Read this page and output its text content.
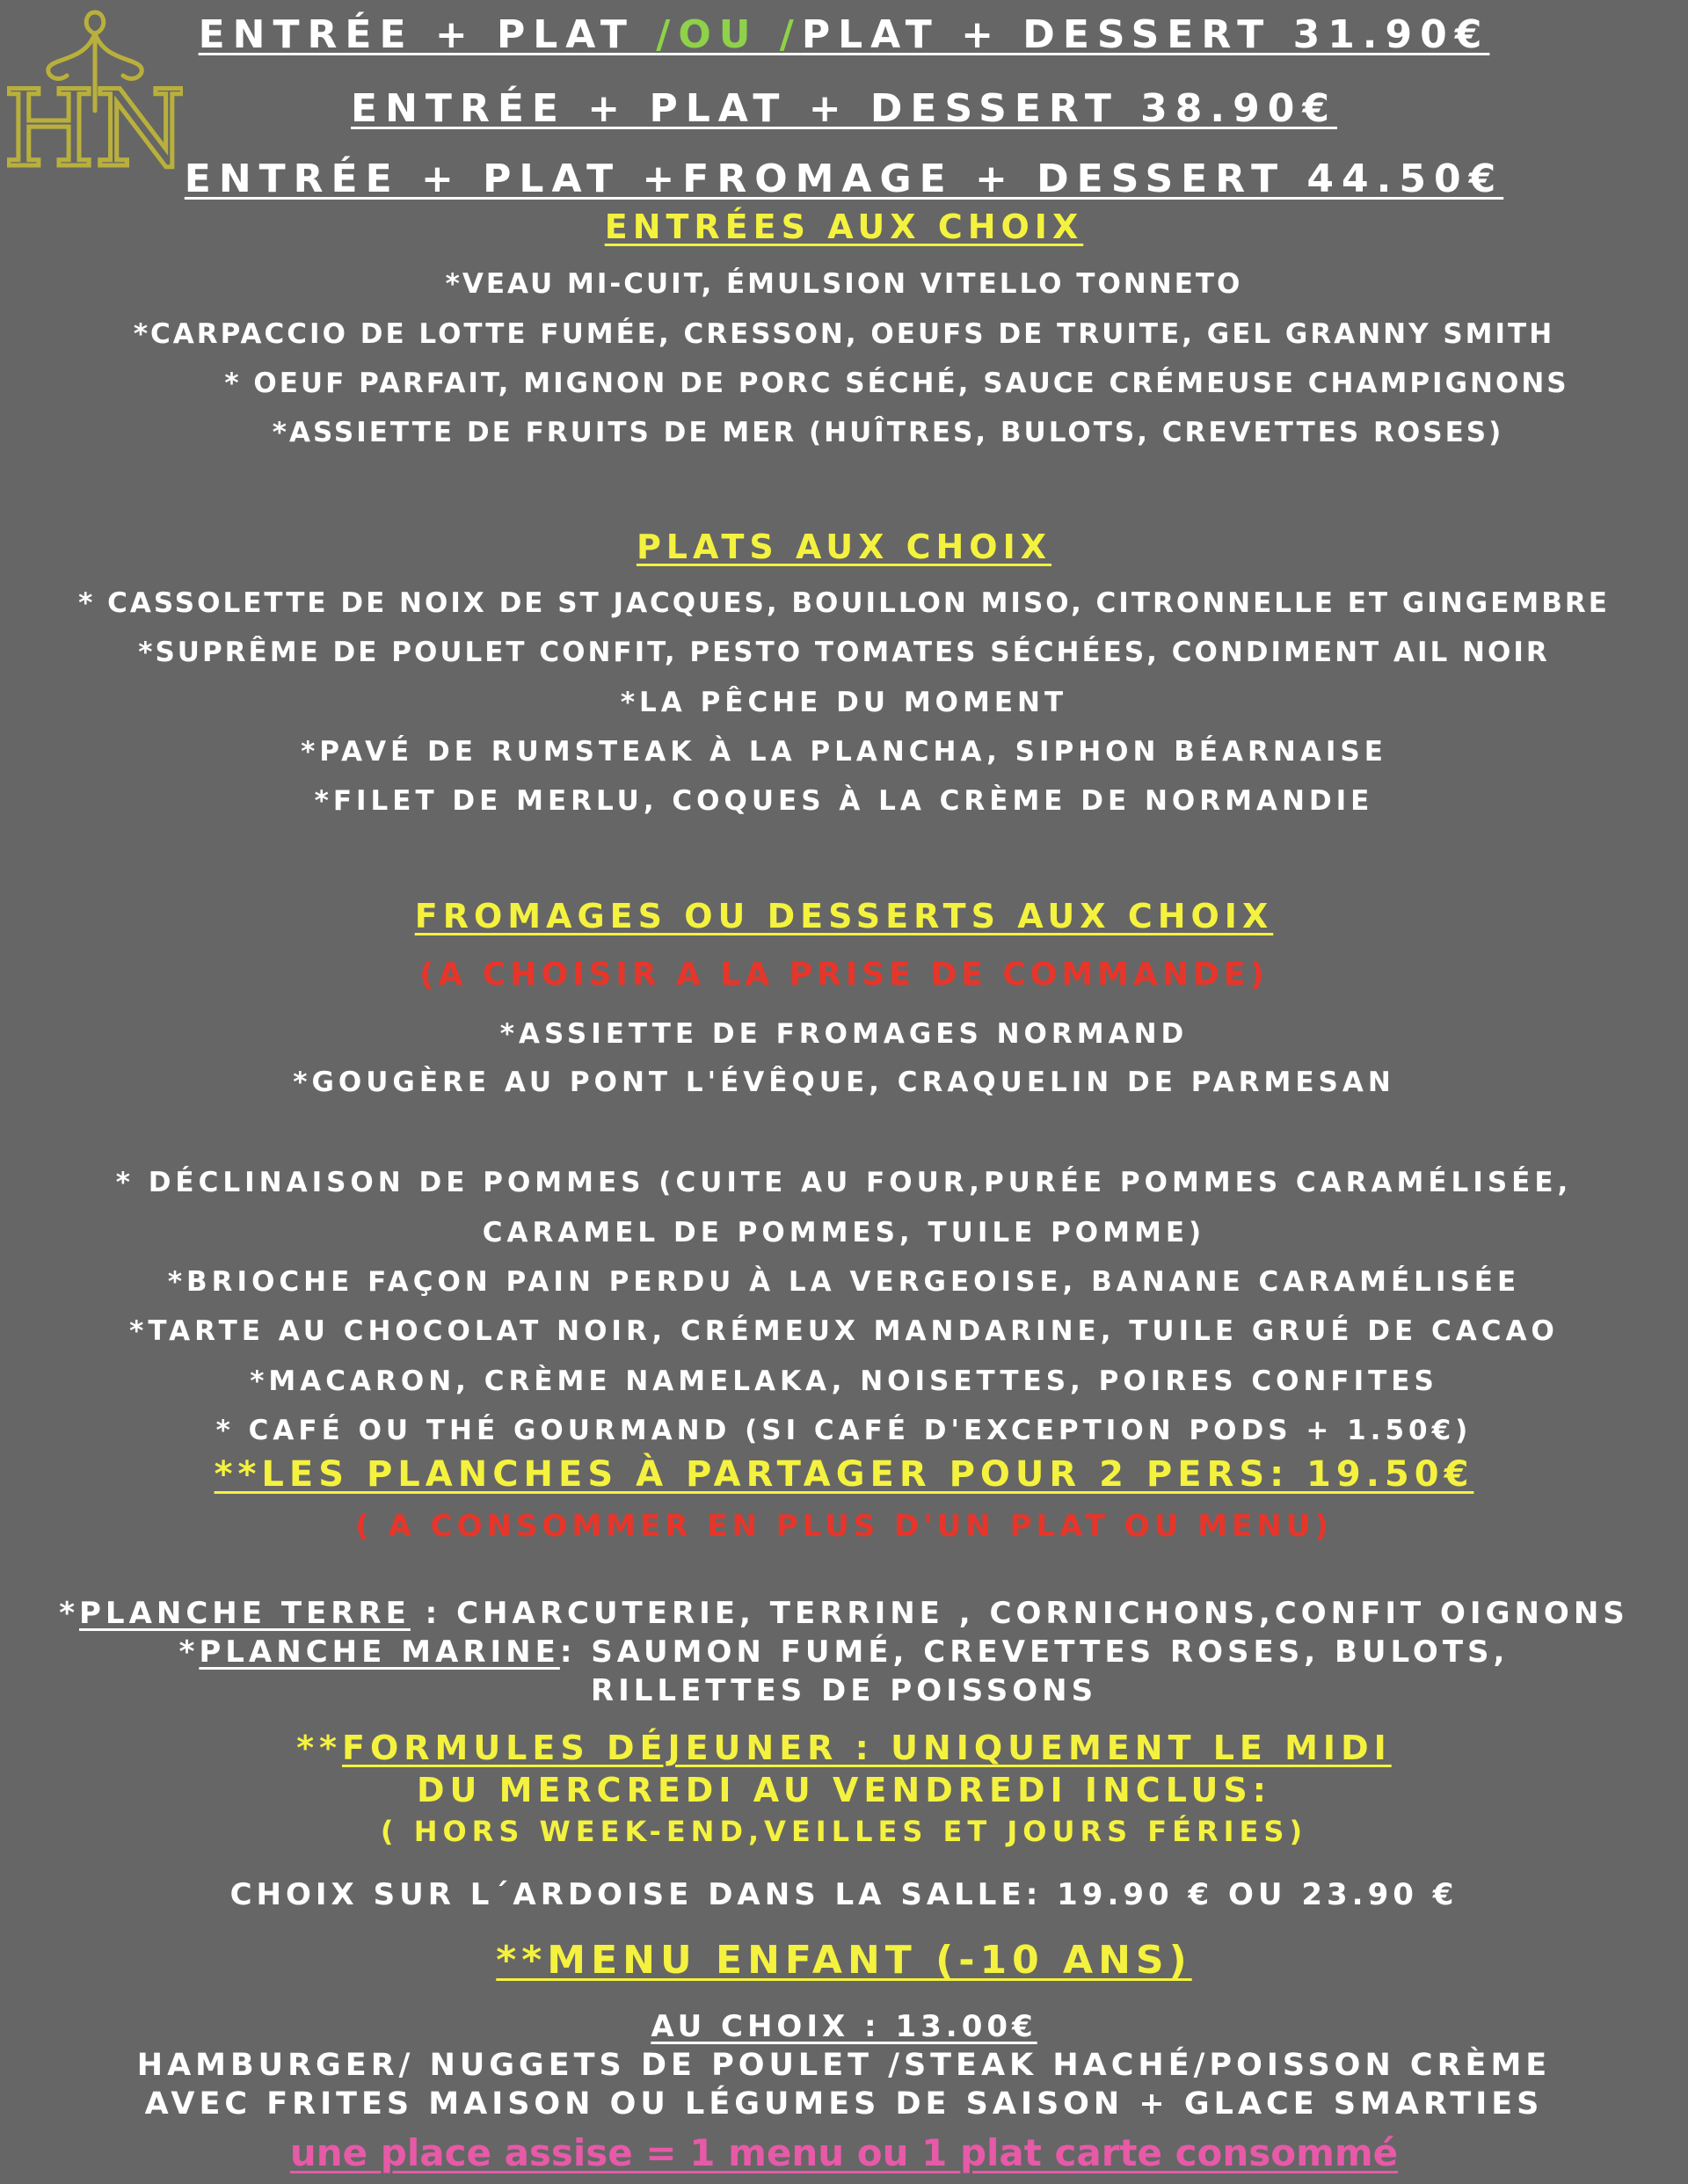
HN
ENTRÉE + PLAT /OU /PLAT + DESSERT 31.90€
ENTRÉE + PLAT + DESSERT 38.90€
ENTRÉE + PLAT +FROMAGE + DESSERT 44.50€
ENTRÉES AUX CHOIX
*VEAU MI-CUIT, ÉMULSION VITELLO TONNETO
*CARPACCIO DE LOTTE FUMÉE, CRESSON, OEUFS DE TRUITE, GEL GRANNY SMITH
* OEUF PARFAIT, MIGNON DE PORC SÉCHÉ, SAUCE CRÉMEUSE CHAMPIGNONS
*ASSIETTE DE FRUITS DE MER (HUÎTRES, BULOTS, CREVETTES ROSES)
PLATS AUX CHOIX
* CASSOLETTE DE NOIX DE ST JACQUES, BOUILLON MISO, CITRONNELLE ET GINGEMBRE
*SUPRÊME DE POULET CONFIT, PESTO TOMATES SÉCHÉES, CONDIMENT AIL NOIR
*LA PÊCHE DU MOMENT
*PAVÉ DE RUMSTEAK À LA PLANCHA, SIPHON BÉARNAISE
*FILET DE MERLU, COQUES À LA CRÈME DE NORMANDIE
FROMAGES OU DESSERTS AUX CHOIX
(A CHOISIR A LA PRISE DE COMMANDE)
*ASSIETTE DE FROMAGES NORMAND
*GOUGÈRE AU PONT L'ÉVÊQUE, CRAQUELIN DE PARMESAN
* DÉCLINAISON DE POMMES (CUITE AU FOUR,PURÉE POMMES CARAMÉLISÉE,
CARAMEL DE POMMES, TUILE POMME)
*BRIOCHE FAÇON PAIN PERDU À LA VERGEOISE, BANANE CARAMÉLISÉE
*TARTE AU CHOCOLAT NOIR, CRÉMEUX MANDARINE, TUILE GRUÉ DE CACAO
*MACARON, CRÈME NAMELAKA, NOISETTES, POIRES CONFITES
* CAFÉ OU THÉ GOURMAND (SI CAFÉ D'EXCEPTION PODS + 1.50€)
**LES PLANCHES À PARTAGER POUR 2 PERS: 19.50€
( A CONSOMMER EN PLUS D'UN PLAT OU MENU)
*PLANCHE TERRE : CHARCUTERIE, TERRINE , CORNICHONS,CONFIT OIGNONS
*PLANCHE MARINE: SAUMON FUMÉ, CREVETTES ROSES, BULOTS,
RILLETTES DE POISSONS
**FORMULES DÉJEUNER : UNIQUEMENT LE MIDI
DU MERCREDI AU VENDREDI INCLUS:
( HORS WEEK-END,VEILLES ET JOURS FÉRIES)
CHOIX SUR L´ARDOISE DANS LA SALLE: 19.90 € OU 23.90 €
**MENU ENFANT (-10 ANS)
AU CHOIX : 13.00€
HAMBURGER/ NUGGETS DE POULET /STEAK HACHÉ/POISSON CRÈME
AVEC FRITES MAISON OU LÉGUMES DE SAISON + GLACE SMARTIES
une place assise = 1 menu ou 1 plat carte consommé
